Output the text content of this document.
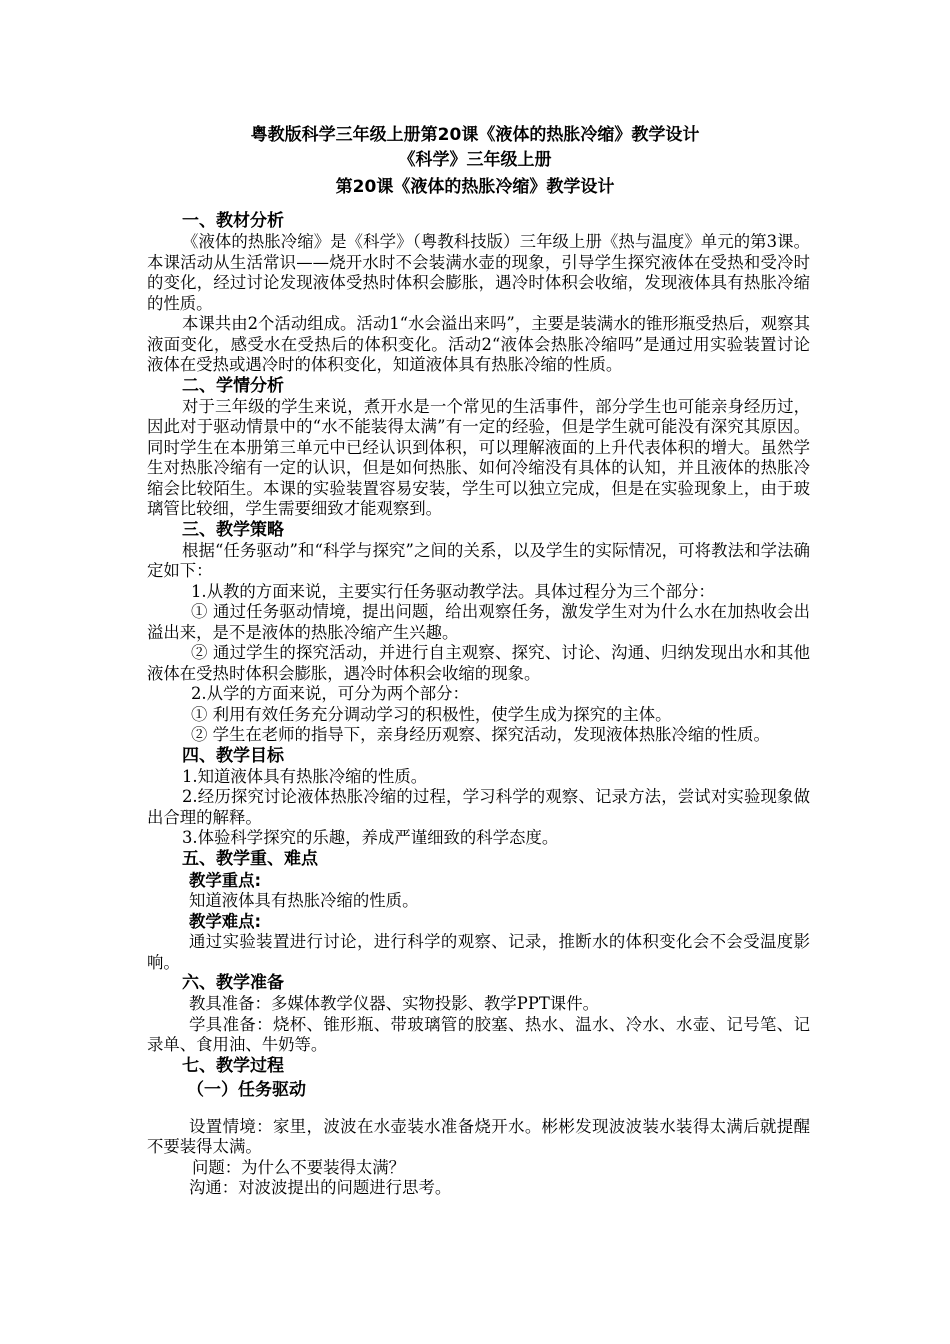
粤教版科学三年级上册第20课《液体的热胀冷缩》教学设计
《科学》三年级上册
第20课《液体的热胀冷缩》教学设计
一、教材分析

《液体的热胀冷缩》是《科学》（粤教科技版）三年级上册《热与温度》单元的第3课。本课活动从生活常识——烧开水时不会装满水壶的现象，引导学生探究液体在受热和受冷时的变化，经过讨论发现液体受热时体积会膨胀，遇冷时体积会收缩，发现液体具有热胀冷缩的性质。

本课共由2个活动组成。活动1“水会溢出来吗”，主要是装满水的锥形瓶受热后，观察其液面变化，感受水在受热后的体积变化。活动2“液体会热胀冷缩吗”是通过用实验装置讨论液体在受热或遇冷时的体积变化，知道液体具有热胀冷缩的性质。

二、学情分析

对于三年级的学生来说，煮开水是一个常见的生活事件，部分学生也可能亲身经历过，因此对于驱动情景中的“水不能装得太满”有一定的经验，但是学生就可能没有深究其原因。同时学生在本册第三单元中已经认识到体积，可以理解液面的上升代表体积的增大。虽然学生对热胀冷缩有一定的认识，但是如何热胀、如何冷缩没有具体的认知，并且液体的热胀冷缩会比较陌生。本课的实验装置容易安装，学生可以独立完成，但是在实验现象上，由于玻璃管比较细，学生需要细致才能观察到。

三、教学策略

根据“任务驱动”和“科学与探究”之间的关系，以及学生的实际情况，可将教法和学法确定如下：

1.从教的方面来说，主要实行任务驱动教学法。具体过程分为三个部分：

① 通过任务驱动情境，提出问题，给出观察任务，激发学生对为什么水在加热收会出溢出来，是不是液体的热胀冷缩产生兴趣。

② 通过学生的探究活动，并进行自主观察、探究、讨论、沟通、归纳发现出水和其他液体在受热时体积会膨胀，遇冷时体积会收缩的现象。

2.从学的方面来说，可分为两个部分：

① 利用有效任务充分调动学习的积极性，使学生成为探究的主体。

② 学生在老师的指导下，亲身经历观察、探究活动，发现液体热胀冷缩的性质。

四、教学目标

1.知道液体具有热胀冷缩的性质。

2.经历探究讨论液体热胀冷缩的过程，学习科学的观察、记录方法，尝试对实验现象做出合理的解释。

3.体验科学探究的乐趣，养成严谨细致的科学态度。

五、教学重、难点
教学重点:

知道液体具有热胀冷缩的性质。

教学难点:

通过实验装置进行讨论，进行科学的观察、记录，推断水的体积变化会不会受温度影响。

六、教学准备

教具准备：多媒体教学仪器、实物投影、教学PPT课件。

学具准备：烧杯、锥形瓶、带玻璃管的胶塞、热水、温水、冷水、水壶、记号笔、记录单、食用油、牛奶等。

七、教学过程
（一）任务驱动

设置情境：家里，波波在水壶装水准备烧开水。彬彬发现波波装水装得太满后就提醒不要装得太满。

问题：为什么不要装得太满？

沟通：对波波提出的问题进行思考。
